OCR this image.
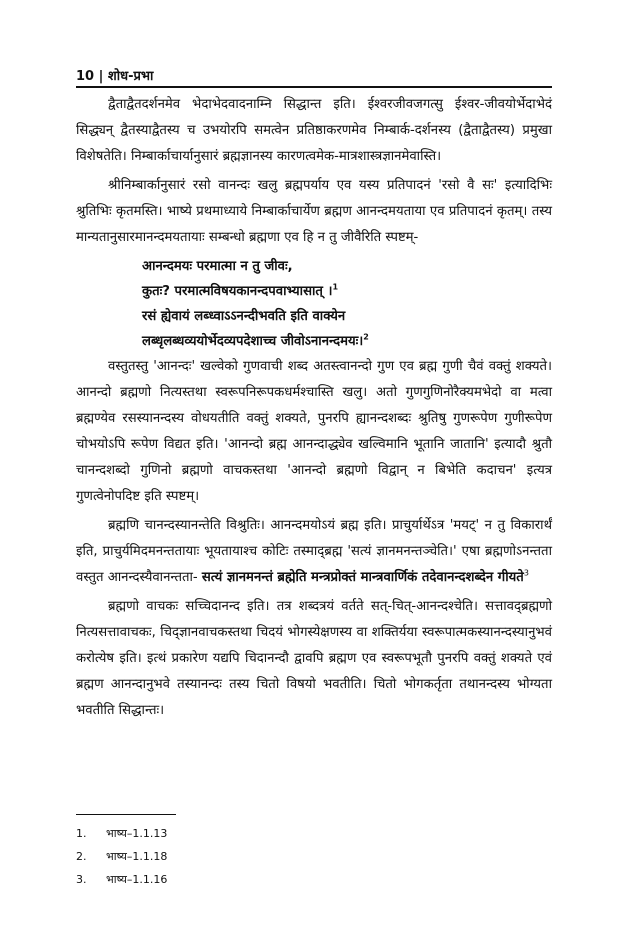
10 | शोध-प्रभा

द्वैताद्वैतदर्शनमेव भेदाभेदवादनाम्नि सिद्धान्त इति। ईश्वरजीवजगत्सु ईश्वर-जीवयोर्भेदाभेदं सिद्ध्यन् द्वैतस्याद्वैतस्य च उभयोरपि समत्वेन प्रतिष्ठाकरणमेव निम्बार्क-दर्शनस्य (द्वैताद्वैतस्य) प्रमुखा विशेषतेति। निम्बार्काचार्यानुसारं ब्रह्मज्ञानस्य कारणत्वमेक-मात्रशास्त्रज्ञानमेवास्ति।

श्रीनिम्बार्कानुसारं रसो वानन्दः खलु ब्रह्मपर्याय एव यस्य प्रतिपादनं 'रसो वै सः' इत्यादिभिः श्रुतिभिः कृतमस्ति। भाष्ये प्रथमाध्याये निम्बार्काचार्येण ब्रह्मण आनन्दमयताया एव प्रतिपादनं कृतम्। तस्य मान्यतानुसारमानन्दमयतायाः सम्बन्धो ब्रह्मणा एव हि न तु जीवैरिति स्पष्टम्-

आनन्दमयः परमात्मा न तु जीवः,
कुतः? परमात्मविषयकानन्दपवाभ्यासात् ।$^1$
रसं ह्येवायं लब्ध्वाऽऽनन्दीभवति इति वाक्येन
लब्धृलब्धव्ययोर्भेदव्यपदेशाच्च जीवोऽनानन्दमयः।$^2$

वस्तुतस्तु 'आनन्दः' खल्वेको गुणवाची शब्द अतस्त्वानन्दो गुण एव ब्रह्म गुणी चैवं वक्तुं शक्यते। आनन्दो ब्रह्मणो नित्यस्तथा स्वरूपनिरूपकधर्मश्चास्ति खलु। अतो गुणगुणिनोरैक्यमभेदो वा मत्वा ब्रह्मण्येव रसस्यानन्दस्य वोधयतीति वक्तुं शक्यते, पुनरपि ह्यानन्दशब्दः श्रुतिषु गुणरूपेण गुणीरूपेण चोभयोऽपि रूपेण विद्यत इति। 'आनन्दो ब्रह्म आनन्दाद्ध्येव खल्विमानि भूतानि जातानि' इत्यादौ श्रुतौ चानन्दशब्दो गुणिनो ब्रह्मणो वाचकस्तथा 'आनन्दो ब्रह्मणो विद्वान् न बिभेति कदाचन' इत्यत्र गुणत्वेनोपदिष्ट इति स्पष्टम्।

ब्रह्मणि चानन्दस्यानन्तेति विश्रुतिः। आनन्दमयोऽयं ब्रह्म इति। प्राचुर्यार्थेऽत्र 'मयट्' न तु विकारार्थं इति, प्राचुर्यमिदमनन्ततायाः भूयतायाश्च कोटिः तस्माद्ब्रह्म 'सत्यं ज्ञानमनन्तञ्चेति।' एषा ब्रह्मणोऽनन्तता वस्तुत आनन्दस्यैवानन्तता- सत्यं ज्ञानमनन्तं ब्रह्मेति मन्त्रप्रोक्तं मान्त्रवार्णिकं तदेवानन्दशब्देन गीयते$^3$

ब्रह्मणो वाचकः सच्चिदानन्द इति। तत्र शब्दत्रयं वर्तते सत्-चित्-आनन्दश्चेति। सत्तावद्ब्रह्मणो नित्यसत्तावाचकः, चिद्ज्ञानवाचकस्तथा चिदयं भोगस्येक्षणस्य वा शक्तिर्यया स्वरूपात्मकस्यानन्दस्यानुभवं करोत्येष इति। इत्थं प्रकारेण यद्यपि चिदानन्दौ द्वावपि ब्रह्मण एव स्वरूपभूतौ पुनरपि वक्तुं शक्यते एवं ब्रह्मण आनन्दानुभवे तस्यानन्दः तस्य चितो विषयो भवतीति। चितो भोगकर्तृता तथानन्दस्य भोग्यता भवतीति सिद्धान्तः।

1. भाष्य–1.1.13
2. भाष्य–1.1.18
3. भाष्य–1.1.16
